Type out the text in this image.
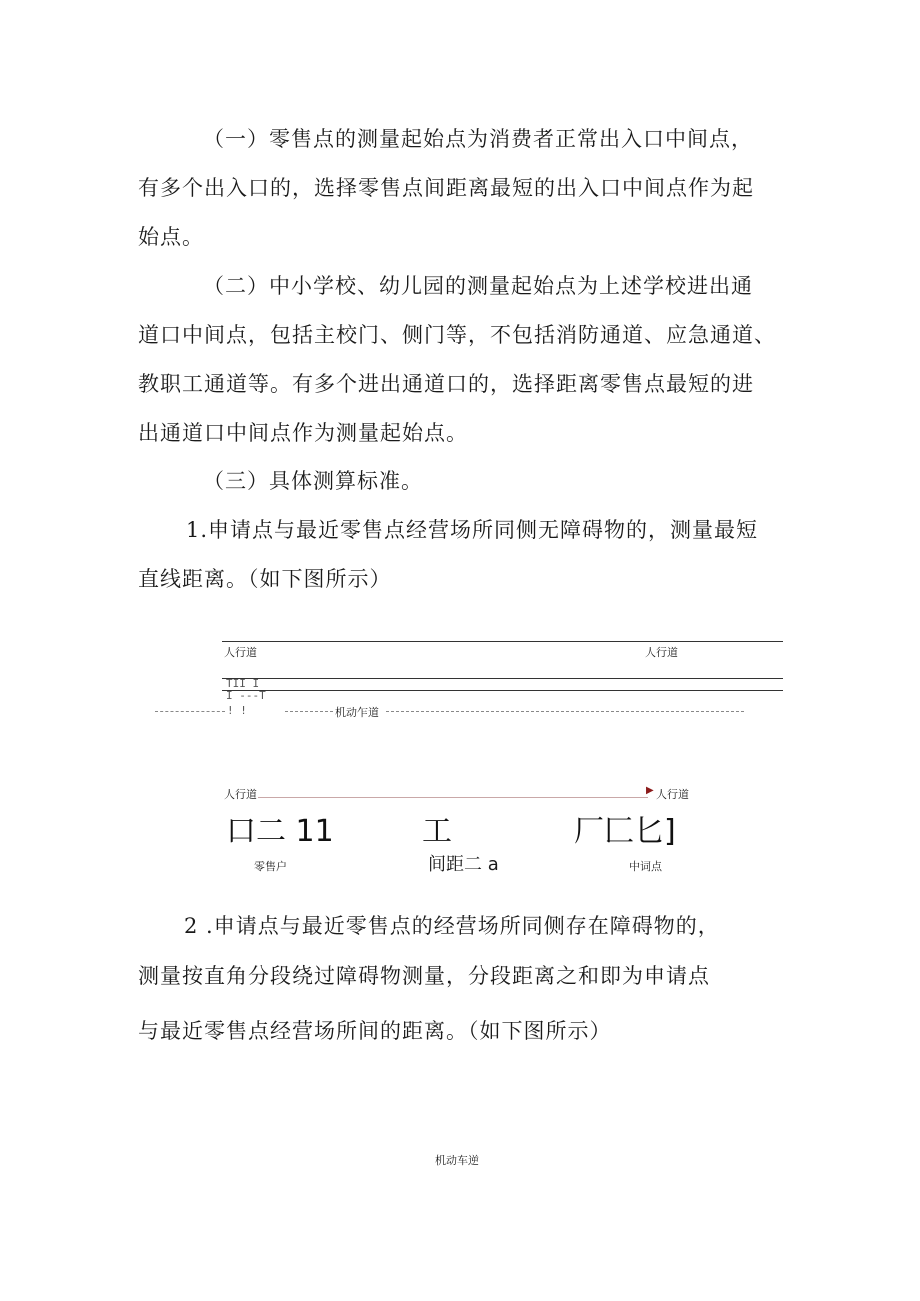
（一）零售点的测量起始点为消费者正常出入口中间点，
有多个出入口的，选择零售点间距离最短的出入口中间点作为起
始点。
（二）中小学校、幼儿园的测量起始点为上述学校进出通
道口中间点，包括主校门、侧门等，不包括消防通道、应急通道、
教职工通道等。有多个进出通道口的，选择距离零售点最短的进
出通道口中间点作为测量起始点。
（三）具体测算标准。
1.申请点与最近零售点经营场所同侧无障碍物的，测量最短
直线距离。（如下图所示）
人行道	人行道
TII I
I ---T
! !	机动乍道
人行道	▶ 人行道
口二 11	工	厂匚匕]
零售户	间距二 a	中词点
2 .申请点与最近零售点的经营场所同侧存在障碍物的，
测量按直角分段绕过障碍物测量，分段距离之和即为申请点
与最近零售点经营场所间的距离。（如下图所示）
机动车逆
